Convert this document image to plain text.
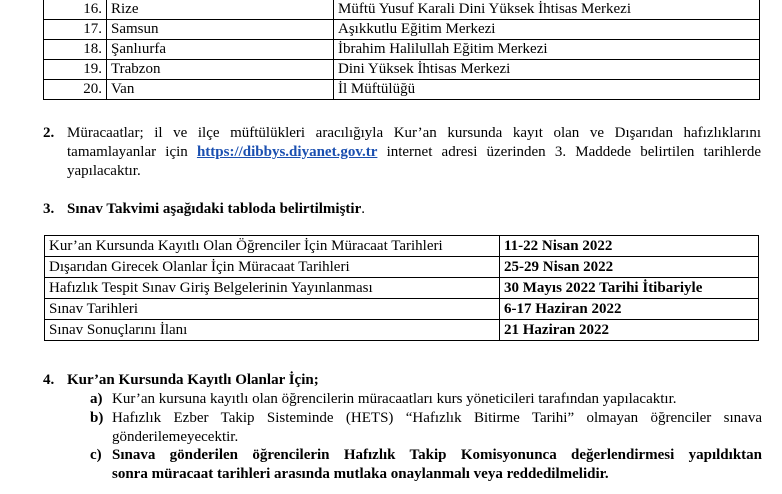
16.	Rize	Müftü Yusuf Karali Dini Yüksek İhtisas Merkezi
17.	Samsun	Aşıkkutlu Eğitim Merkezi
18.	Şanlıurfa	İbrahim Halilullah Eğitim Merkezi
19.	Trabzon	Dini Yüksek İhtisas Merkezi
20.	Van	İl Müftülüğü
2. Müracaatlar; il ve ilçe müftülükleri aracılığıyla Kur’an kursunda kayıt olan ve Dışarıdan hafızlıklarını
tamamlayanlar için https://dibbys.diyanet.gov.tr internet adresi üzerinden 3. Maddede belirtilen tarihlerde
yapılacaktır.
3. Sınav Takvimi aşağıdaki tabloda belirtilmiştir.
Kur’an Kursunda Kayıtlı Olan Öğrenciler İçin Müracaat Tarihleri	11-22 Nisan 2022
Dışarıdan Girecek Olanlar İçin Müracaat Tarihleri	25-29 Nisan 2022
Hafızlık Tespit Sınav Giriş Belgelerinin Yayınlanması	30 Mayıs 2022 Tarihi İtibariyle
Sınav Tarihleri	6-17 Haziran 2022
Sınav Sonuçlarını İlanı	21 Haziran 2022
4. Kur’an Kursunda Kayıtlı Olanlar İçin;
a) Kur’an kursuna kayıtlı olan öğrencilerin müracaatları kurs yöneticileri tarafından yapılacaktır.
b) Hafızlık Ezber Takip Sisteminde (HETS) “Hafızlık Bitirme Tarihi” olmayan öğrenciler sınava
gönderilemeyecektir.
c) Sınava gönderilen öğrencilerin Hafızlık Takip Komisyonunca değerlendirmesi yapıldıktan
sonra müracaat tarihleri arasında mutlaka onaylanmalı veya reddedilmelidir.
